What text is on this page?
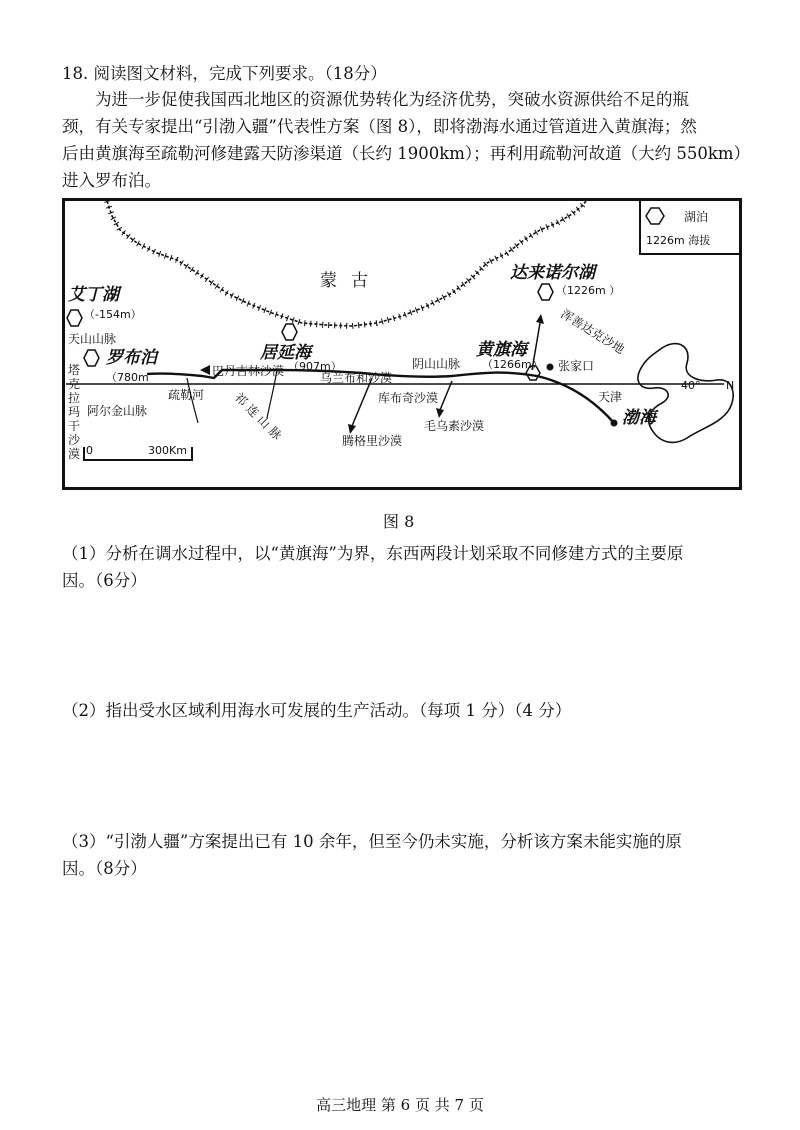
18. 阅读图文材料，完成下列要求。（18分）
为进一步促使我国西北地区的资源优势转化为经济优势，突破水资源供给不足的瓶
颈，有关专家提出“引渤入疆”代表性方案（图 8），即将渤海水通过管道进入黄旗海；然
后由黄旗海至疏勒河修建露天防渗渠道（长约 1900km）；再利用疏勒河故道（大约 550km）
进入罗布泊。
湖泊
1226m 海拔
蒙古	达来诺尔湖
（1226m ）
艾丁湖
（-154m）
天山山脉
罗布泊
（780m
居延海
（907m）
黄旗海
（1266m）
浑善达克沙地
张家口
阴山山脉
乌兰布和沙漠
巴丹吉林沙漠
疏勒河 祁连山脉	库布奇沙漠
毛乌素沙漠
腾格里沙漠
阿尔金山脉
天津
渤海
40° N
塔
克
拉
玛
干
沙
漠 0	300Km
图 8
（1）分析在调水过程中，以“黄旗海”为界，东西两段计划采取不同修建方式的主要原
因。（6分）
（2）指出受水区域利用海水可发展的生产活动。（每项 1 分）（4 分）
（3）“引渤人疆”方案提出已有 10 余年，但至今仍未实施，分析该方案未能实施的原
因。（8分）
高三地理 第 6 页 共 7 页
